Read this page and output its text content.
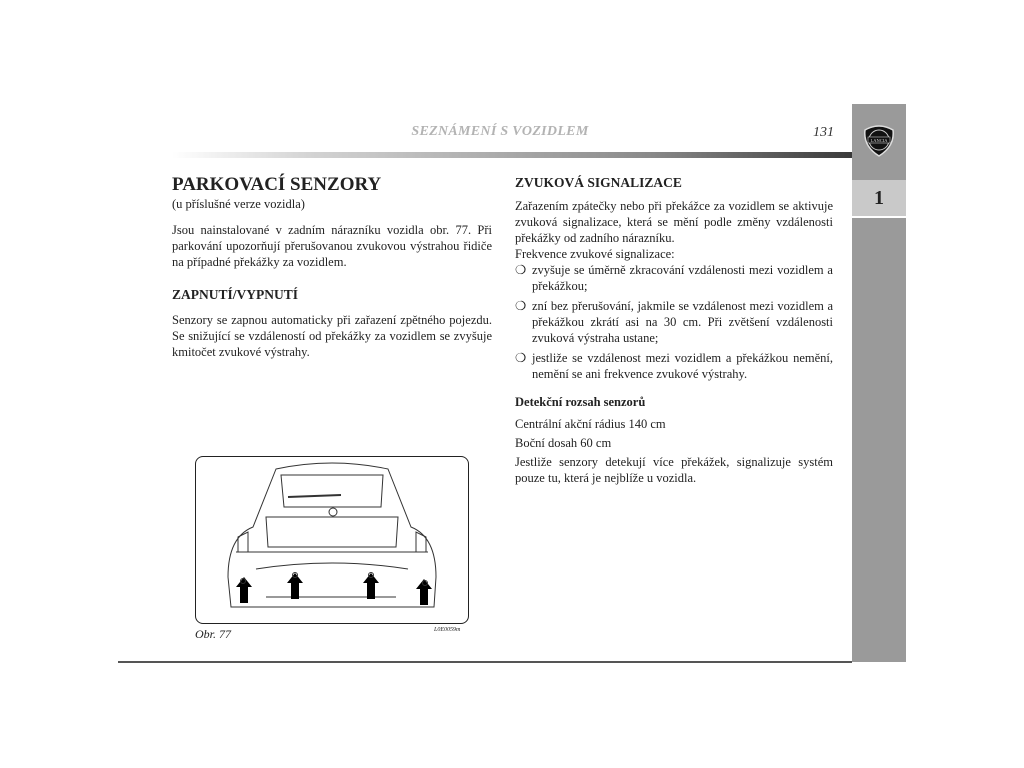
SEZNÁMENÍ S VOZIDLEM	131
LANCIA
1
PARKOVACÍ SENZORY

(u příslušné verze vozidla)

Jsou nainstalované v zadním nárazníku vozidla obr. 77. Při parkování upozorňují přerušovanou zvukovou výstrahou řidiče na případné překážky za vozidlem.

ZAPNUTÍ/VYPNUTÍ

Senzory se zapnou automaticky při zařazení zpětného pojezdu. Se snižující se vzdáleností od překážky za vozidlem se zvyšuje kmitočet zvukové výstrahy.

Obr. 77	L0E0059m
ZVUKOVÁ SIGNALIZACE

Zařazením zpátečky nebo při překážce za vozidlem se aktivuje zvuková signalizace, která se mění podle změny vzdálenosti překážky od zadního nárazníku.

Frekvence zvukové signalizace:

❍ zvyšuje se úměrně zkracování vzdálenosti mezi vozidlem a překážkou;
❍ zní bez přerušování, jakmile se vzdálenost mezi vozidlem a překážkou zkrátí asi na 30 cm. Při zvětšení vzdálenosti zvuková výstraha ustane;
❍ jestliže se vzdálenost mezi vozidlem a překážkou nemění, nemění se ani frekvence zvukové výstrahy.
Detekční rozsah senzorů

Centrální akční rádius 140 cm

Boční dosah 60 cm

Jestliže senzory detekují více překážek, signalizuje systém pouze tu, která je nejblíže u vozidla.
